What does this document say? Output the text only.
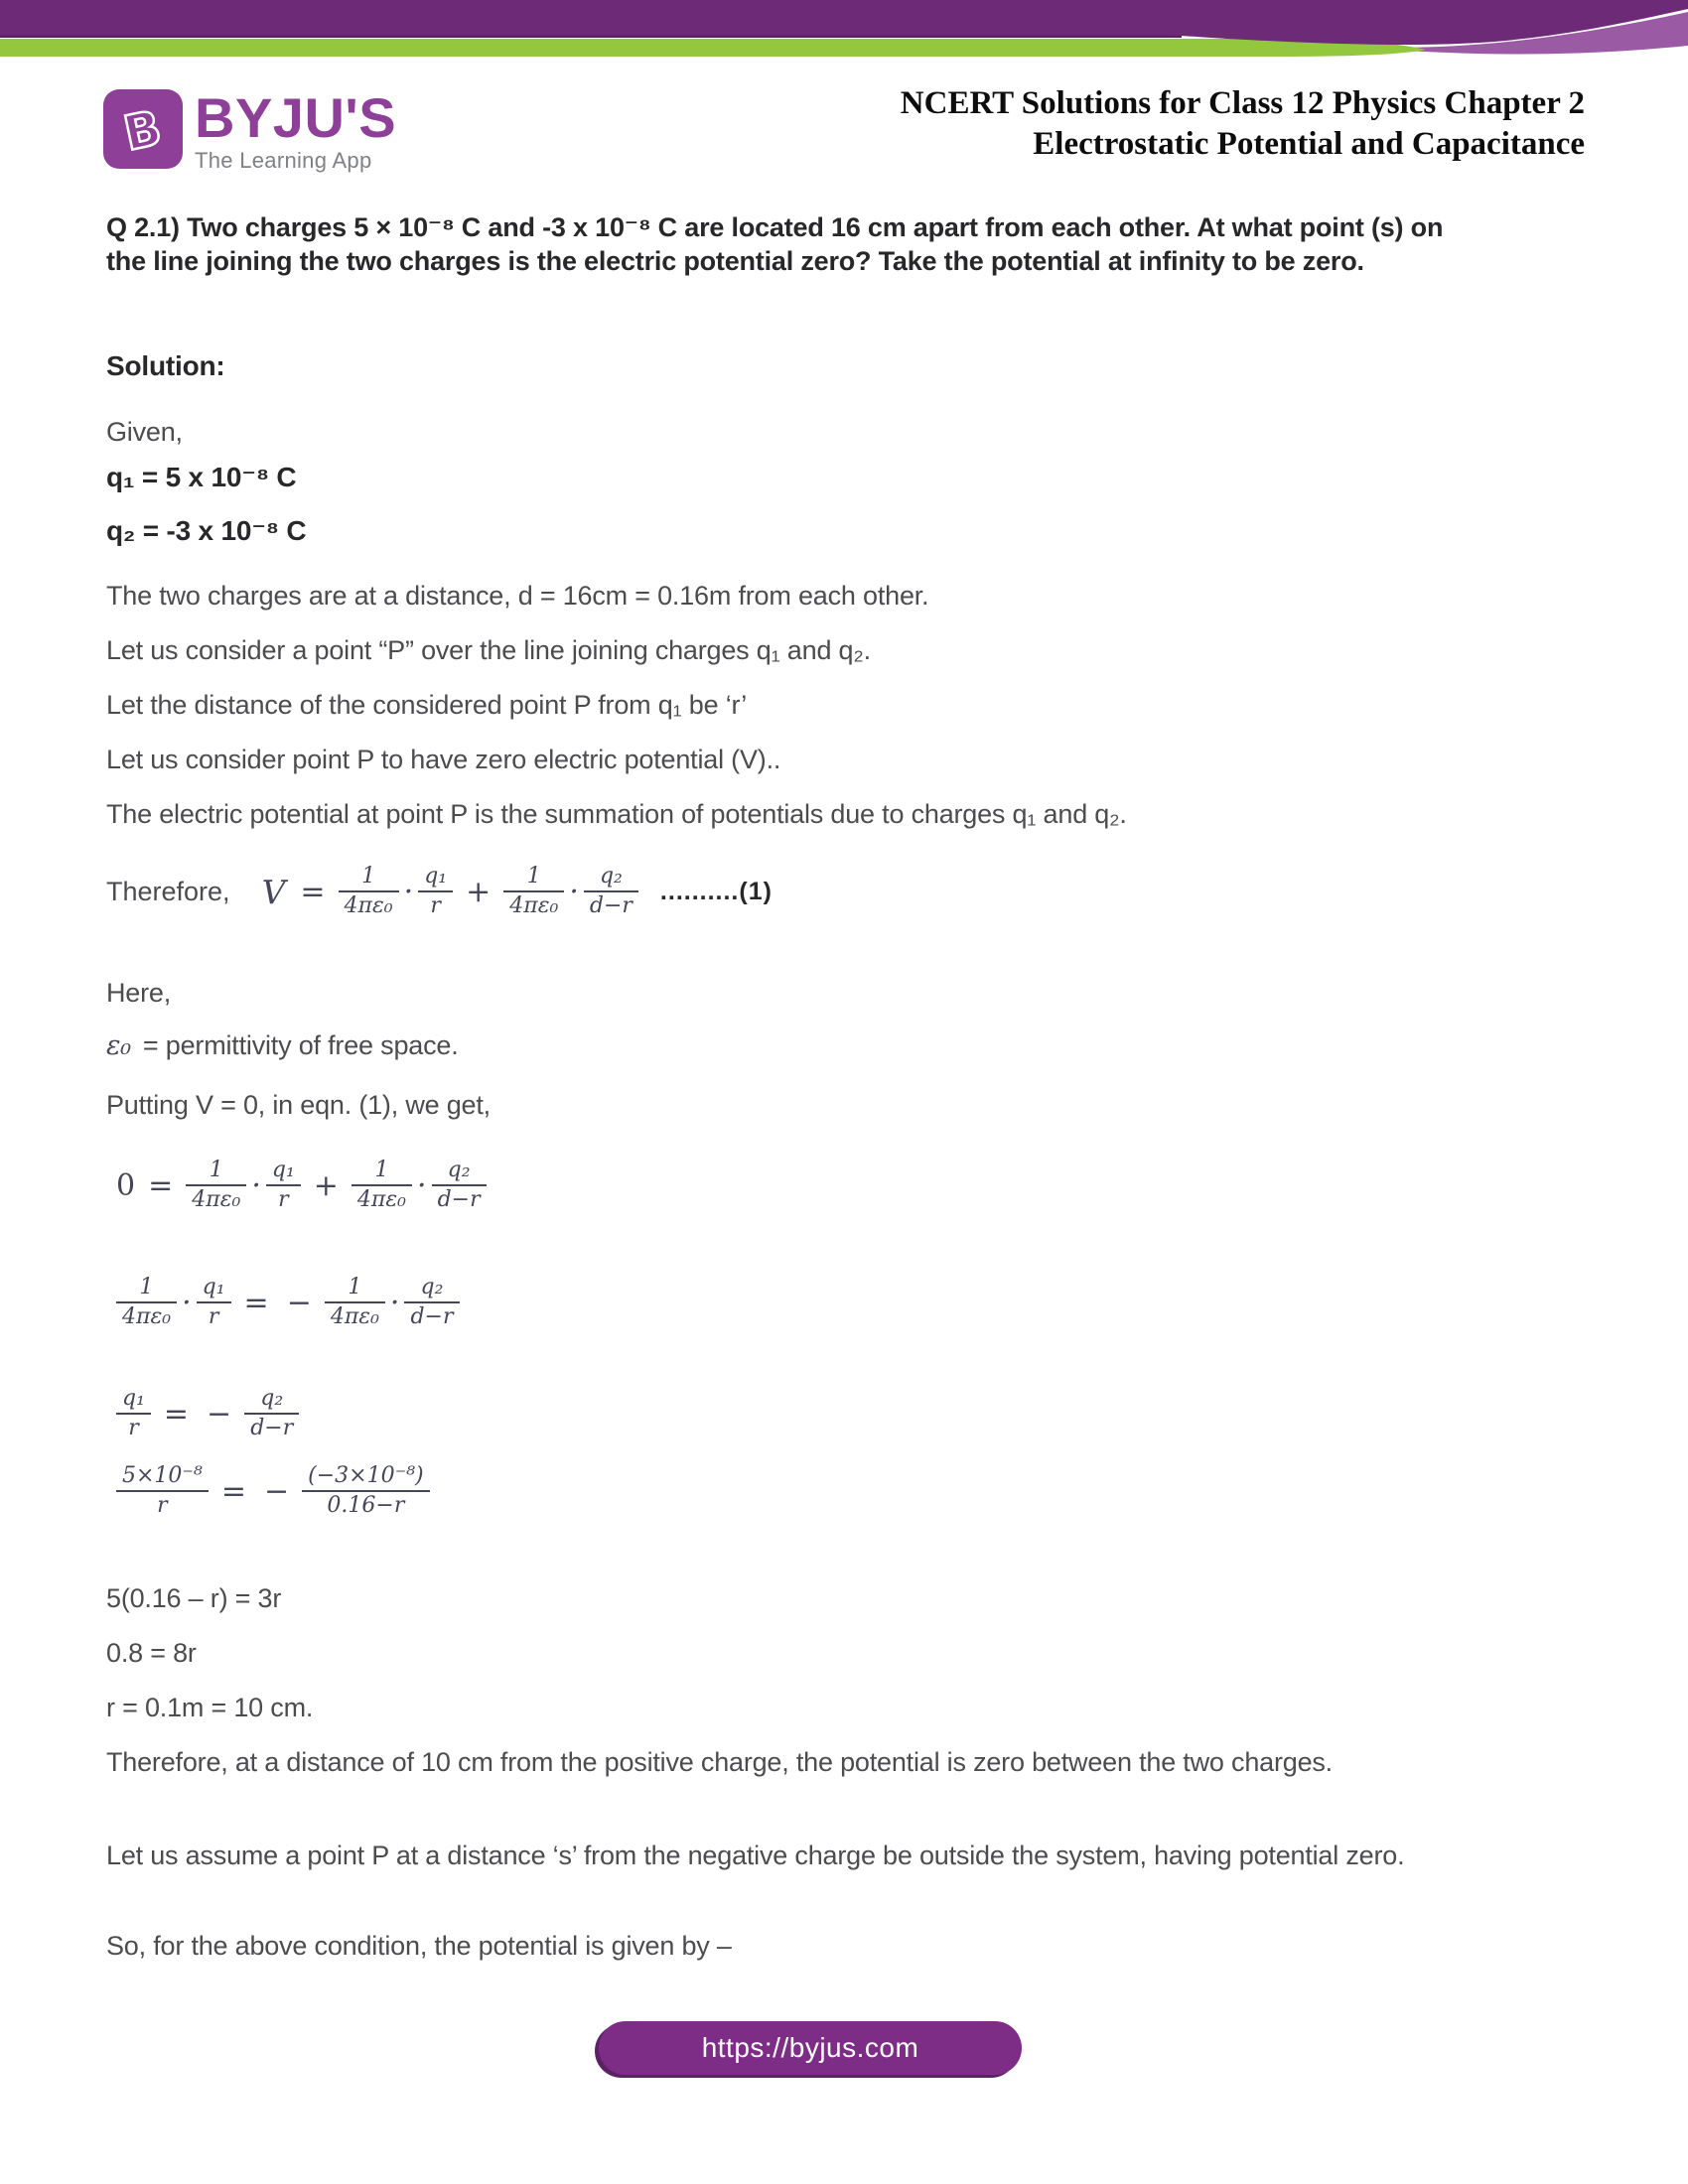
B BYJU'S
The Learning App
NCERT Solutions for Class 12 Physics Chapter 2
Electrostatic Potential and Capacitance
Q 2.1) Two charges 5 × 10⁻⁸ C and -3 x 10⁻⁸ C are located 16 cm apart from each other. At what point (s) on the line joining the two charges is the electric potential zero? Take the potential at infinity to be zero.
Solution:
Given,
q₁ = 5 x 10⁻⁸ C
q₂ = -3 x 10⁻⁸ C
The two charges are at a distance, d = 16cm = 0.16m from each other.
Let us consider a point “P” over the line joining charges q₁ and q₂.
Let the distance of the considered point P from q₁ be ‘r’
Let us consider point P to have zero electric potential (V)..
The electric potential at point P is the summation of potentials due to charges q₁ and q₂.
Therefore, $V = \frac{1}{\text{4πε₀}} \cdot \frac{\text{q₁}}{r} + \frac{1}{\text{4πε₀}} \cdot \frac{\text{q₂}}{d-r} ..........(1)$
Here,
ε₀ = permittivity of free space.
Putting V = 0, in eqn. (1), we get,
$0 = \frac{1}{\text{4πε₀}} \cdot \frac{\text{q₁}}{r} + \frac{1}{\text{4πε₀}} \cdot \frac{\text{q₂}}{d-r}$
$\frac{1}{\text{4πε₀}} \cdot \frac{\text{q₁}}{r}$ = − $\frac{1}{\text{4πε₀}} \cdot \frac{\text{q₂}}{d-r}$
$\frac{\text{q₁}}{r}$ = − $\frac{\text{q₂}}{d-r}$
$\frac{\text{5×10⁻⁸}}{r}$ = − $\frac{\text{(−3×10⁻⁸)}}{0.16-r}$
5(0.16 – r) = 3r
0.8 = 8r
r = 0.1m = 10 cm.
Therefore, at a distance of 10 cm from the positive charge, the potential is zero between the two charges.
Let us assume a point P at a distance ‘s’ from the negative charge be outside the system, having potential zero.
So, for the above condition, the potential is given by –
https://byjus.com
